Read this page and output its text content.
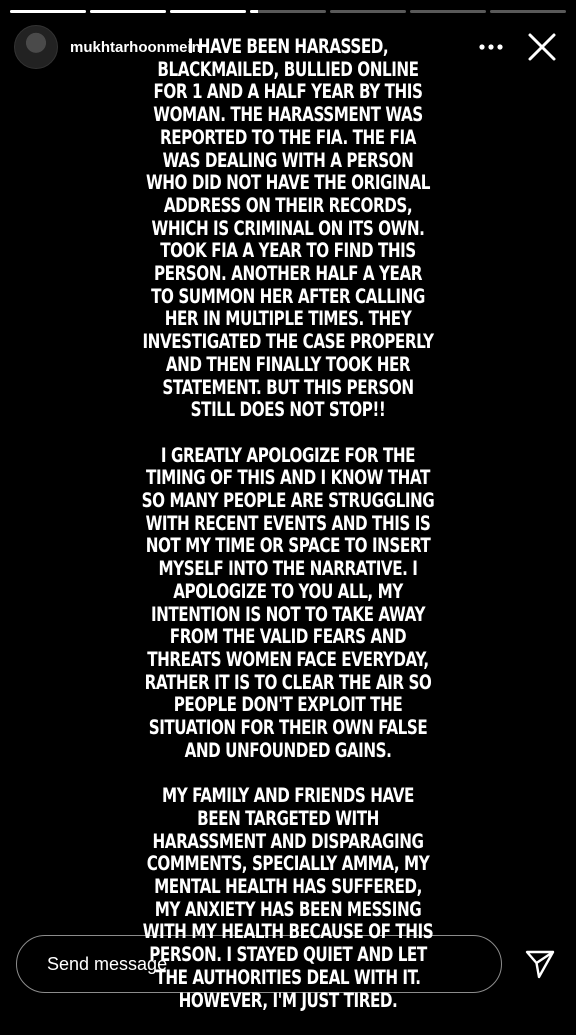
I HAVE BEEN HARASSED, BLACKMAILED, BULLIED ONLINE FOR 1 AND A HALF YEAR BY THIS WOMAN. THE HARASSMENT WAS REPORTED TO THE FIA. THE FIA WAS DEALING WITH A PERSON WHO DID NOT HAVE THE ORIGINAL ADDRESS ON THEIR RECORDS, WHICH IS CRIMINAL ON ITS OWN. TOOK FIA A YEAR TO FIND THIS PERSON. ANOTHER HALF A YEAR TO SUMMON HER AFTER CALLING HER IN MULTIPLE TIMES. THEY INVESTIGATED THE CASE PROPERLY AND THEN FINALLY TOOK HER STATEMENT. BUT THIS PERSON STILL DOES NOT STOP!!

I GREATLY APOLOGIZE FOR THE TIMING OF THIS AND I KNOW THAT SO MANY PEOPLE ARE STRUGGLING WITH RECENT EVENTS AND THIS IS NOT MY TIME OR SPACE TO INSERT MYSELF INTO THE NARRATIVE. I APOLOGIZE TO YOU ALL, MY INTENTION IS NOT TO TAKE AWAY FROM THE VALID FEARS AND THREATS WOMEN FACE EVERYDAY, RATHER IT IS TO CLEAR THE AIR SO PEOPLE DON'T EXPLOIT THE SITUATION FOR THEIR OWN FALSE AND UNFOUNDED GAINS.

MY FAMILY AND FRIENDS HAVE BEEN TARGETED WITH HARASSMENT AND DISPARAGING COMMENTS, SPECIALLY AMMA, MY MENTAL HEALTH HAS SUFFERED, MY ANXIETY HAS BEEN MESSING WITH MY HEALTH BECAUSE OF THIS PERSON. I STAYED QUIET AND LET THE AUTHORITIES DEAL WITH IT. HOWEVER, I'M JUST TIRED.

mukhtarhoonmein
Send message
